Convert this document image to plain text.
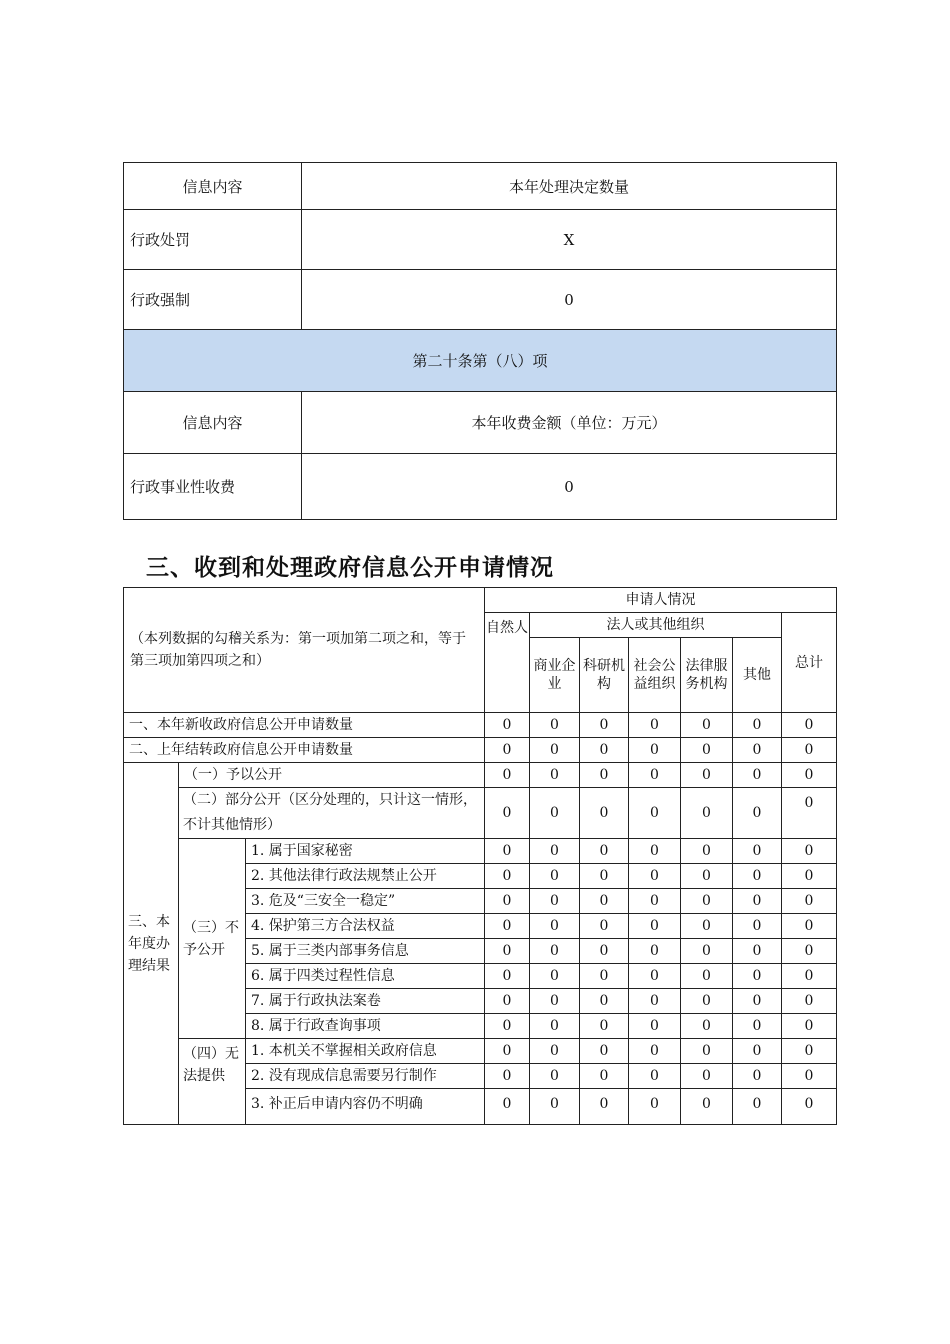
信息内容	本年处理决定数量
行政处罚	X
行政强制	0
第二十条第（八）项	
信息内容	本年收费金额（单位：万元）
行政事业性收费	0
三、收到和处理政府信息公开申请情况
（本列数据的勾稽关系为：第一项加第二项之和，等于第三项加第四项之和）			申请人情况						
			自然人	法人或其他组织					总计
				商业企业	科研机构	社会公益组织	法律服务机构	其他	
一、本年新收政府信息公开申请数量			0	0	0	0	0	0	0
二、上年结转政府信息公开申请数量			0	0	0	0	0	0	0
三、本年度办理结果	（一）予以公开		0	0	0	0	0	0	0
	（二）部分公开（区分处理的，只计这一情形，不计其他情形）		0	0	0	0	0	0	0
	（三）不予公开	1. 属于国家秘密	0	0	0	0	0	0	0
		2. 其他法律行政法规禁止公开	0	0	0	0	0	0	0
		3. 危及“三安全一稳定”	0	0	0	0	0	0	0
		4. 保护第三方合法权益	0	0	0	0	0	0	0
		5. 属于三类内部事务信息	0	0	0	0	0	0	0
		6. 属于四类过程性信息	0	0	0	0	0	0	0
		7. 属于行政执法案卷	0	0	0	0	0	0	0
		8. 属于行政查询事项	0	0	0	0	0	0	0
	（四）无法提供	1. 本机关不掌握相关政府信息	0	0	0	0	0	0	0
		2. 没有现成信息需要另行制作	0	0	0	0	0	0	0
		3. 补正后申请内容仍不明确	0	0	0	0	0	0	0
